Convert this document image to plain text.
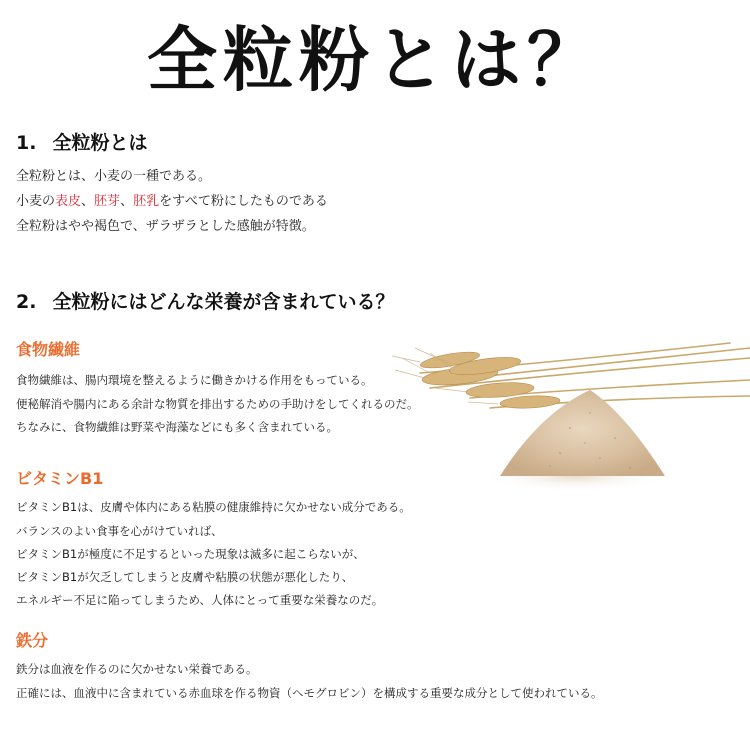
全粒粉とは？
1. 全粒粉とは
全粒粉とは、小麦の一種である。
小麦の表皮、胚芽、胚乳をすべて粉にしたものである
全粒粉はやや褐色で、ザラザラとした感触が特徴。
2. 全粒粉にはどんな栄養が含まれている？
食物繊維
食物繊維は、腸内環境を整えるように働きかける作用をもっている。
便秘解消や腸内にある余計な物質を排出するための手助けをしてくれるのだ。
ちなみに、食物繊維は野菜や海藻などにも多く含まれている。
ビタミンB1
ビタミンB1は、皮膚や体内にある粘膜の健康維持に欠かせない成分である。
バランスのよい食事を心がけていれば、
ビタミンB1が極度に不足するといった現象は滅多に起こらないが、
ビタミンB1が欠乏してしまうと皮膚や粘膜の状態が悪化したり、
エネルギー不足に陥ってしまうため、人体にとって重要な栄養なのだ。
鉄分
鉄分は血液を作るのに欠かせない栄養である。
正確には、血液中に含まれている赤血球を作る物資（ヘモグロビン）を構成する重要な成分として使われている。
